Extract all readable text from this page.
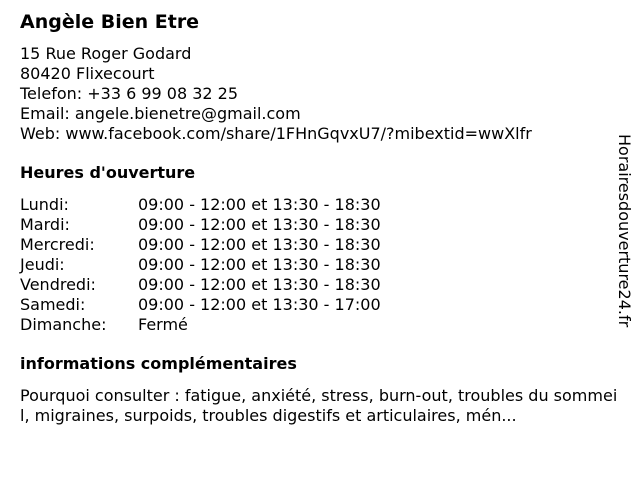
Angèle Bien Etre
15 Rue Roger Godard
80420 Flixecourt
Telefon: +33 6 99 08 32 25
Email: angele.bienetre@gmail.com
Web: www.facebook.com/share/1FHnGqvxU7/?mibextid=wwXlfr
Heures d'ouverture
Lundi:	09:00 - 12:00 et 13:30 - 18:30
Mardi:	09:00 - 12:00 et 13:30 - 18:30
Mercredi:	09:00 - 12:00 et 13:30 - 18:30
Jeudi:	09:00 - 12:00 et 13:30 - 18:30
Vendredi:	09:00 - 12:00 et 13:30 - 18:30
Samedi:	09:00 - 12:00 et 13:30 - 17:00
Dimanche:	Fermé
informations complémentaires
Pourquoi consulter : fatigue, anxiété, stress, burn-out, troubles du sommeil, migraines, surpoids, troubles digestifs et articulaires, mén...
Horairesdouverture24.fr
